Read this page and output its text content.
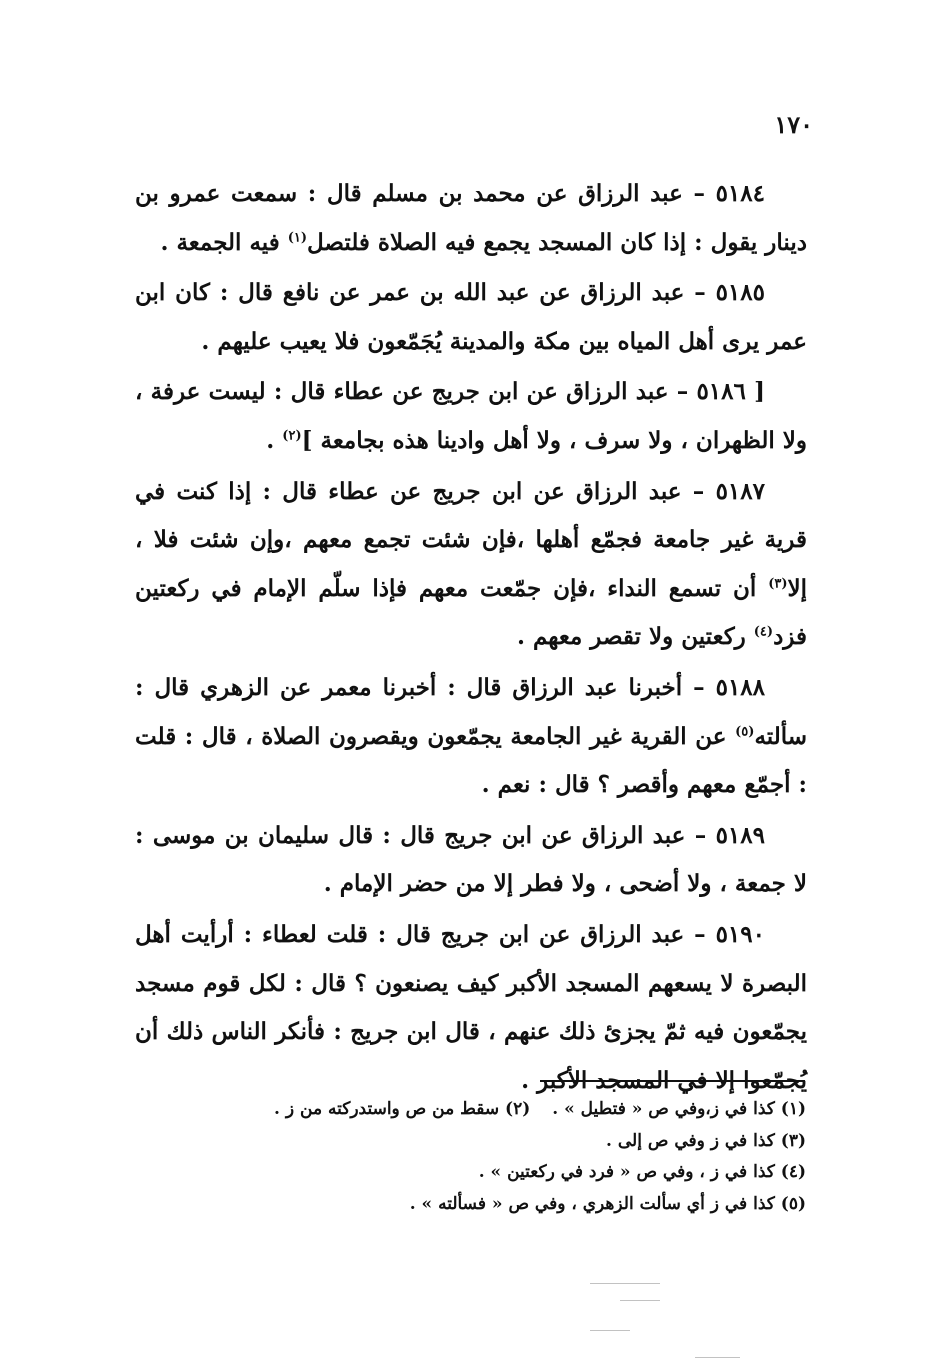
١٧٠

٥١٨٤ – عبد الرزاق عن محمد بن مسلم قال : سمعت عمرو بن دينار يقول : إذا كان المسجد يجمع فيه الصلاة فلتصل$^{(١)}$ فيه الجمعة .

٥١٨٥ – عبد الرزاق عن عبد الله بن عمر عن نافع قال : كان ابن عمر يرى أهل المياه بين مكة والمدينة يُجَمّعون فلا يعيب عليهم .

[ ٥١٨٦ – عبد الرزاق عن ابن جريج عن عطاء قال : ليست عرفة ، ولا الظهران ، ولا سرف ، ولا أهل وادينا هذه بجامعة ]$^{(٢)}$ .

٥١٨٧ – عبد الرزاق عن ابن جريج عن عطاء قال : إذا كنت في قرية غير جامعة فجمّع أهلها ،فإن شئت تجمع معهم ،وإن شئت فلا ، إلا$^{(٣)}$ أن تسمع النداء ،فإن جمّعت معهم فإذا سلّم الإمام في ركعتين فزد$^{(٤)}$ ركعتين ولا تقصر معهم .

٥١٨٨ – أخبرنا عبد الرزاق قال : أخبرنا معمر عن الزهري قال : سألته$^{(٥)}$ عن القرية غير الجامعة يجمّعون ويقصرون الصلاة ، قال : قلت : أجمّع معهم وأقصر ؟ قال : نعم .

٥١٨٩ – عبد الرزاق عن ابن جريج قال : قال سليمان بن موسى : لا جمعة ، ولا أضحى ، ولا فطر إلا من حضر الإمام .

٥١٩٠ – عبد الرزاق عن ابن جريج قال : قلت لعطاء : أرأيت أهل البصرة لا يسعهم المسجد الأكبر كيف يصنعون ؟ قال : لكل قوم مسجد يجمّعون فيه ثمّ يجزئ ذلك عنهم ، قال ابن جريج : فأنكر الناس ذلك أن يُجمّعوا إلا في المسجد الأكبر .

(١) كذا في ز،وفي ص « فتطيل » .(٢) سقط من ص واستدركته من ز .
(٣) كذا في ز وفي ص إلى .
(٤) كذا في ز ، وفي ص « فرد في ركعتين » .
(٥) كذا في ز أي سألت الزهري ، وفي ص « فسألته » .
